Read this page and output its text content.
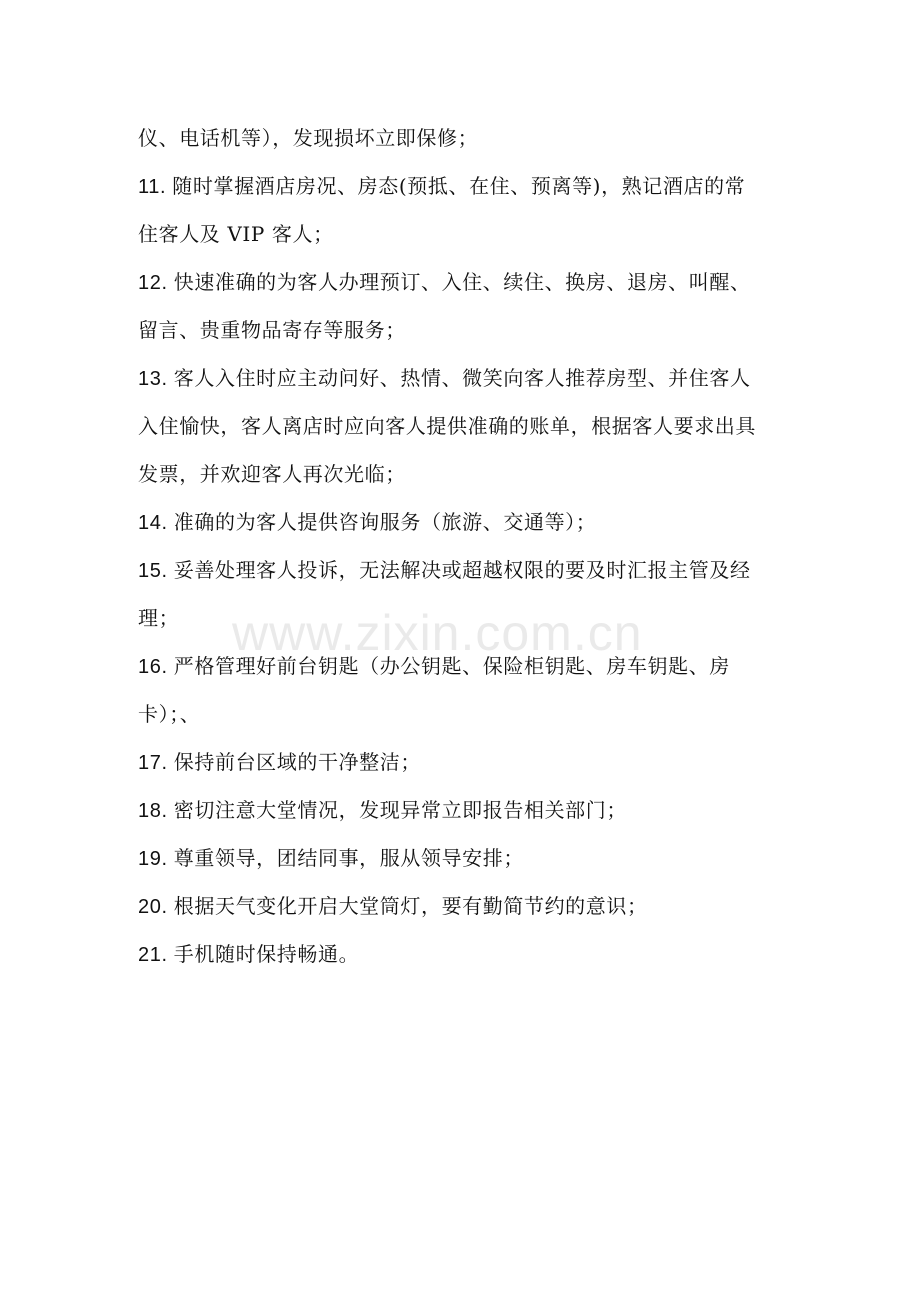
仪、电话机等），发现损坏立即保修；
11. 随时掌握酒店房况、房态(预抵、在住、预离等)，熟记酒店的常
住客人及 VIP 客人；
12. 快速准确的为客人办理预订、入住、续住、换房、退房、叫醒、
留言、贵重物品寄存等服务；
13. 客人入住时应主动问好、热情、微笑向客人推荐房型、并住客人
入住愉快，客人离店时应向客人提供准确的账单，根据客人要求出具
发票，并欢迎客人再次光临；
14. 准确的为客人提供咨询服务（旅游、交通等）；
15. 妥善处理客人投诉，无法解决或超越权限的要及时汇报主管及经
理；
16. 严格管理好前台钥匙（办公钥匙、保险柜钥匙、房车钥匙、房
卡）；、
17. 保持前台区域的干净整洁；
18. 密切注意大堂情况，发现异常立即报告相关部门；
19. 尊重领导，团结同事，服从领导安排；
20. 根据天气变化开启大堂筒灯，要有勤简节约的意识；
21. 手机随时保持畅通。
www.zixin.com.cn
